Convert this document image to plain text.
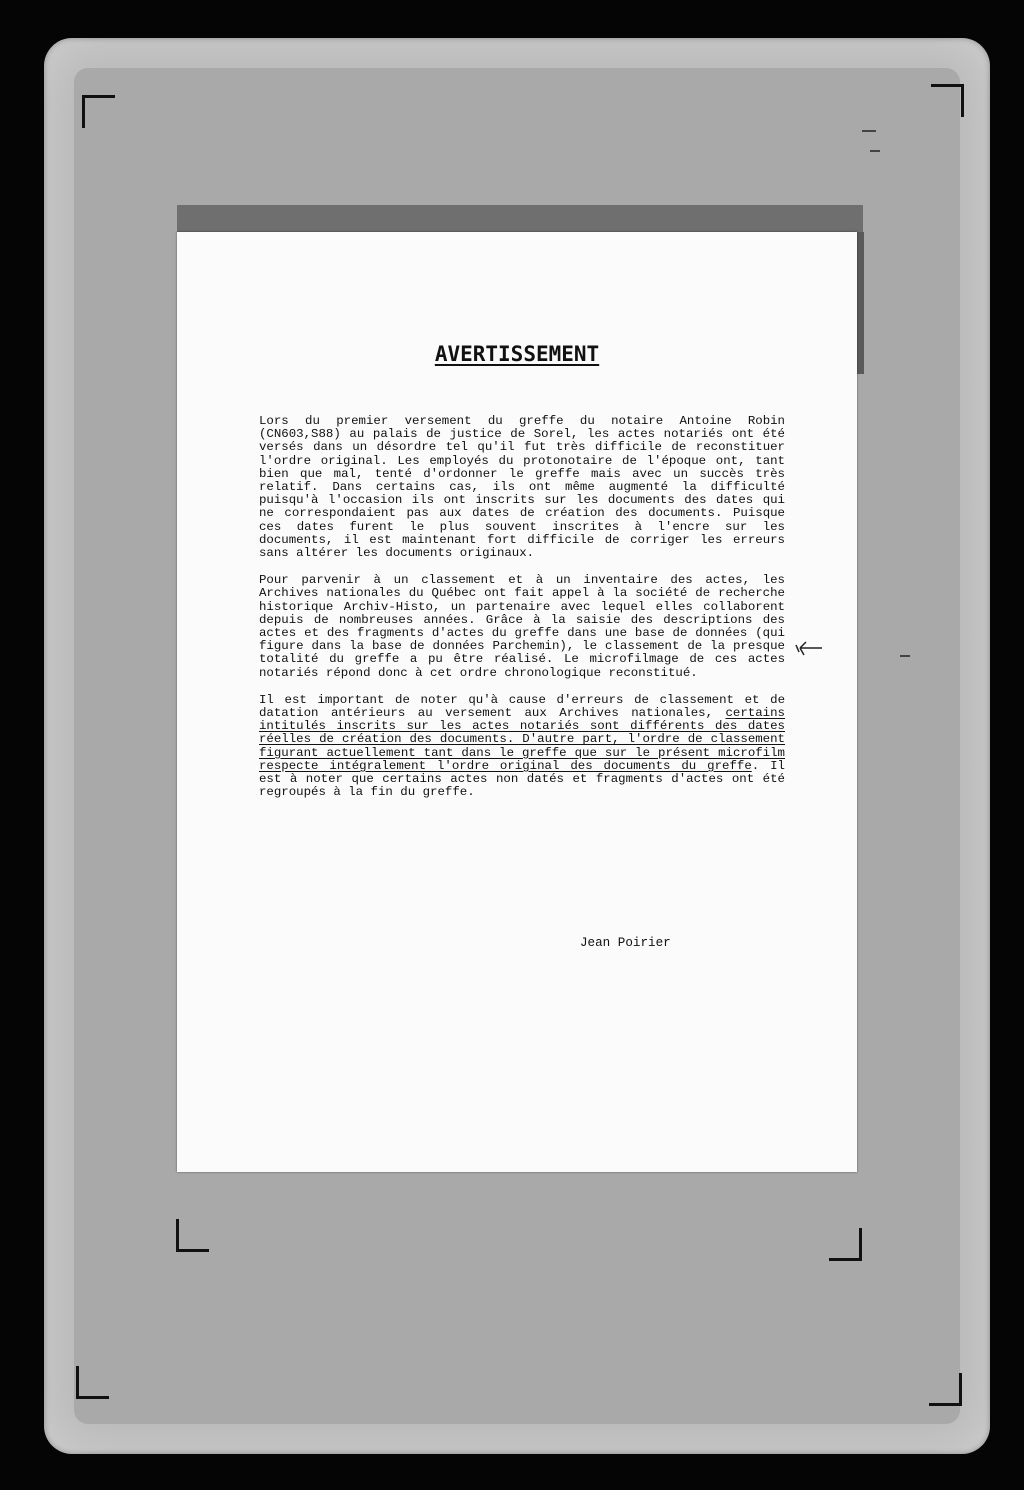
AVERTISSEMENT

Lors du premier versement du greffe du notaire Antoine Robin (CN603,S88) au palais de justice de Sorel, les actes notariés ont été versés dans un désordre tel qu'il fut très difficile de reconstituer l'ordre original. Les employés du protonotaire de l'époque ont, tant bien que mal, tenté d'ordonner le greffe mais avec un succès très relatif. Dans certains cas, ils ont même augmenté la difficulté puisqu'à l'occasion ils ont inscrits sur les documents des dates qui ne correspondaient pas aux dates de création des documents. Puisque ces dates furent le plus souvent inscrites à l'encre sur les documents, il est maintenant fort difficile de corriger les erreurs sans altérer les documents originaux.

Pour parvenir à un classement et à un inventaire des actes, les Archives nationales du Québec ont fait appel à la société de recherche historique Archiv-Histo, un partenaire avec lequel elles collaborent depuis de nombreuses années. Grâce à la saisie des descriptions des actes et des fragments d'actes du greffe dans une base de données (qui figure dans la base de données Parchemin), le classement de la presque totalité du greffe a pu être réalisé. Le microfilmage de ces actes notariés répond donc à cet ordre chronologique reconstitué.

Il est important de noter qu'à cause d'erreurs de classement et de datation antérieurs au versement aux Archives nationales, certains intitulés inscrits sur les actes notariés sont différents des dates réelles de création des documents. D'autre part, l'ordre de classement figurant actuellement tant dans le greffe que sur le présent microfilm respecte intégralement l'ordre original des documents du greffe. Il est à noter que certains actes non datés et fragments d'actes ont été regroupés à la fin du greffe.

Jean Poirier
